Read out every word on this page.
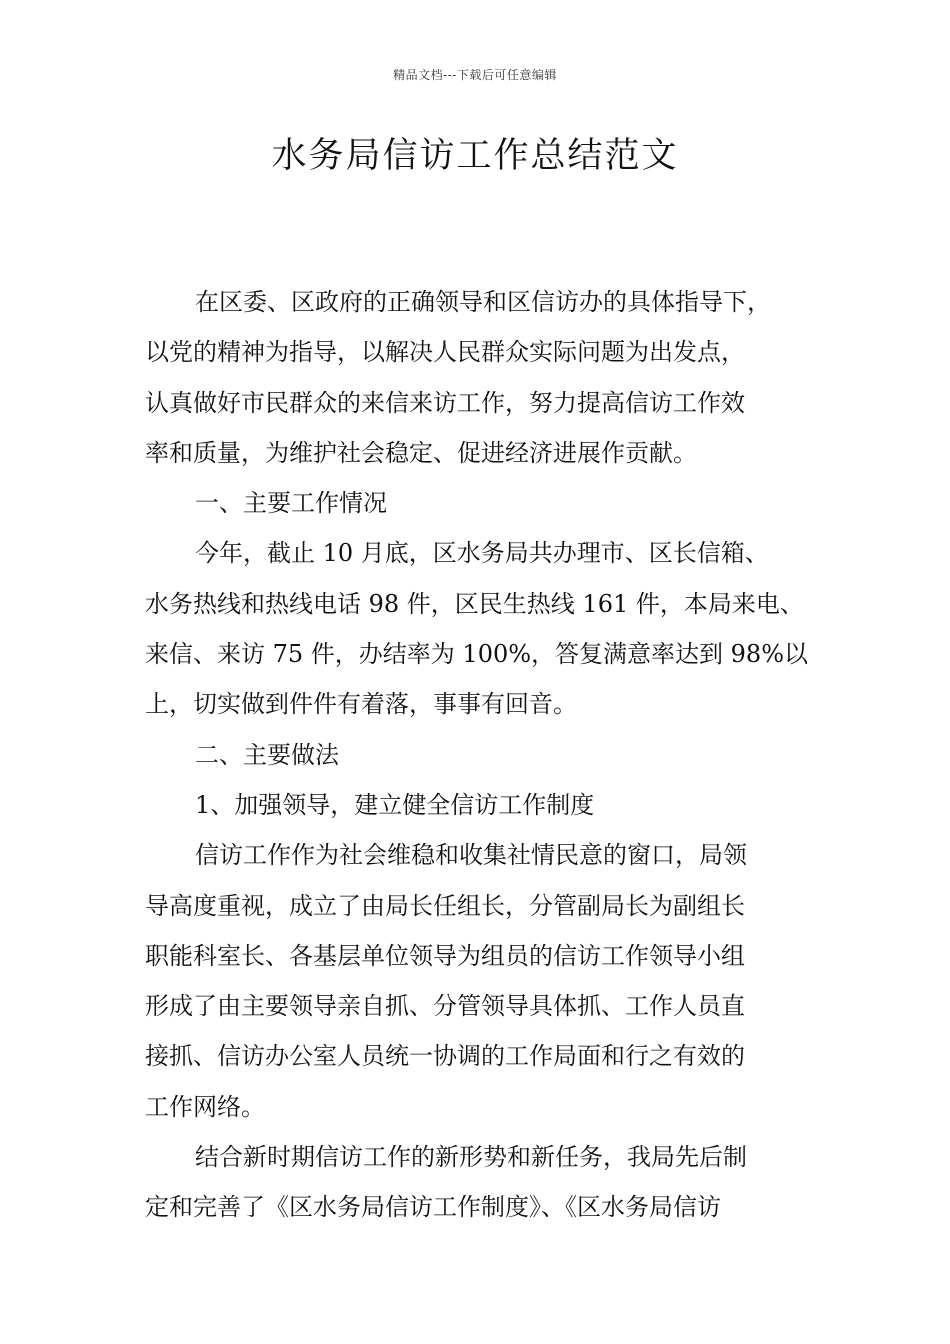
精品文档---下载后可任意编辑
水务局信访工作总结范文
在区委、区政府的正确领导和区信访办的具体指导下，
以党的精神为指导，以解决人民群众实际问题为出发点，
认真做好市民群众的来信来访工作，努力提高信访工作效
率和质量，为维护社会稳定、促进经济进展作贡献。
一、主要工作情况
今年，截止 10 月底，区水务局共办理市、区长信箱、
水务热线和热线电话 98 件，区民生热线 161 件，本局来电、
来信、来访 75 件，办结率为 100%，答复满意率达到 98%以
上，切实做到件件有着落，事事有回音。
二、主要做法
1、加强领导，建立健全信访工作制度
信访工作作为社会维稳和收集社情民意的窗口，局领
导高度重视，成立了由局长任组长，分管副局长为副组长
职能科室长、各基层单位领导为组员的信访工作领导小组
形成了由主要领导亲自抓、分管领导具体抓、工作人员直
接抓、信访办公室人员统一协调的工作局面和行之有效的
工作网络。
结合新时期信访工作的新形势和新任务，我局先后制
定和完善了《区水务局信访工作制度》、《区水务局信访
